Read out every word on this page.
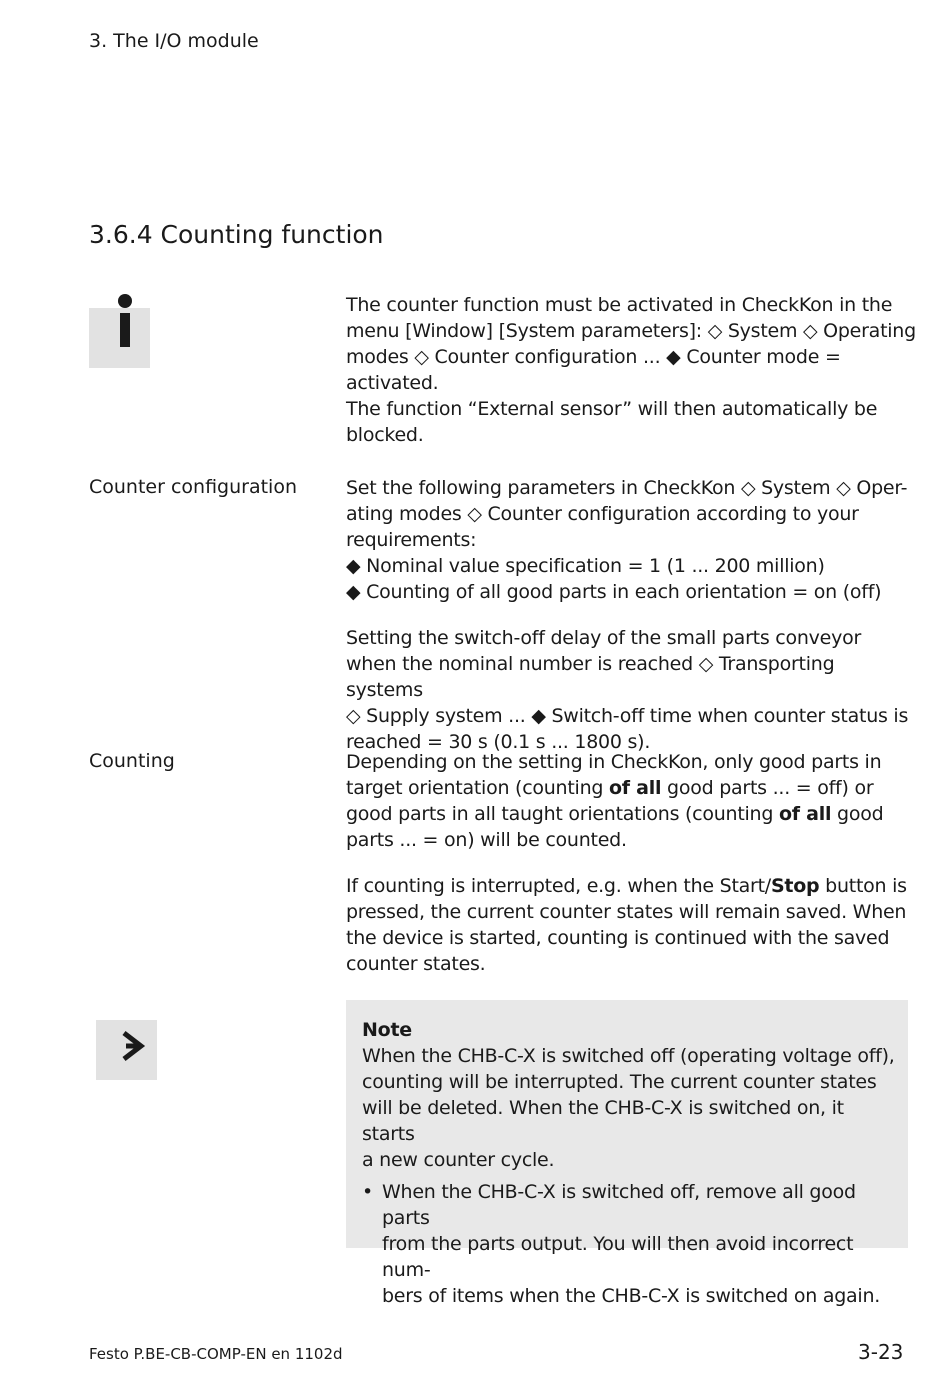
3. The I/O module
3.6.4 Counting function

The counter function must be activated in CheckKon in the

menu [Window] [System parameters]: ◇ System ◇ Operating

modes ◇ Counter configuration ... ◆ Counter mode =

activated.

The function “External sensor” will then automatically be

blocked.

Counter configuration	Set the following parameters in CheckKon ◇ System ◇ Oper-

ating modes ◇ Counter configuration according to your

requirements:

◆ Nominal value specification = 1 (1 ... 200 million)

◆ Counting of all good parts in each orientation = on (off)

Setting the switch-off delay of the small parts conveyor

when the nominal number is reached ◇ Transporting systems

◇ Supply system ... ◆ Switch-off time when counter status is

reached = 30 s (0.1 s ... 1800 s).

Counting	Depending on the setting in CheckKon, only good parts in

target orientation (counting of all good parts ... = off) or

good parts in all taught orientations (counting of all good

parts ... = on) will be counted.

If counting is interrupted, e.g. when the Start/Stop button is

pressed, the current counter states will remain saved. When

the device is started, counting is continued with the saved

counter states.

Note

When the CHB-C-X is switched off (operating voltage off),

counting will be interrupted. The current counter states

will be deleted. When the CHB-C-X is switched on, it starts

a new counter cycle.

• When the CHB-C-X is switched off, remove all good parts

from the parts output. You will then avoid incorrect num-

bers of items when the CHB-C-X is switched on again.

Festo P.BE-CB-COMP-EN en 1102d	3-23
